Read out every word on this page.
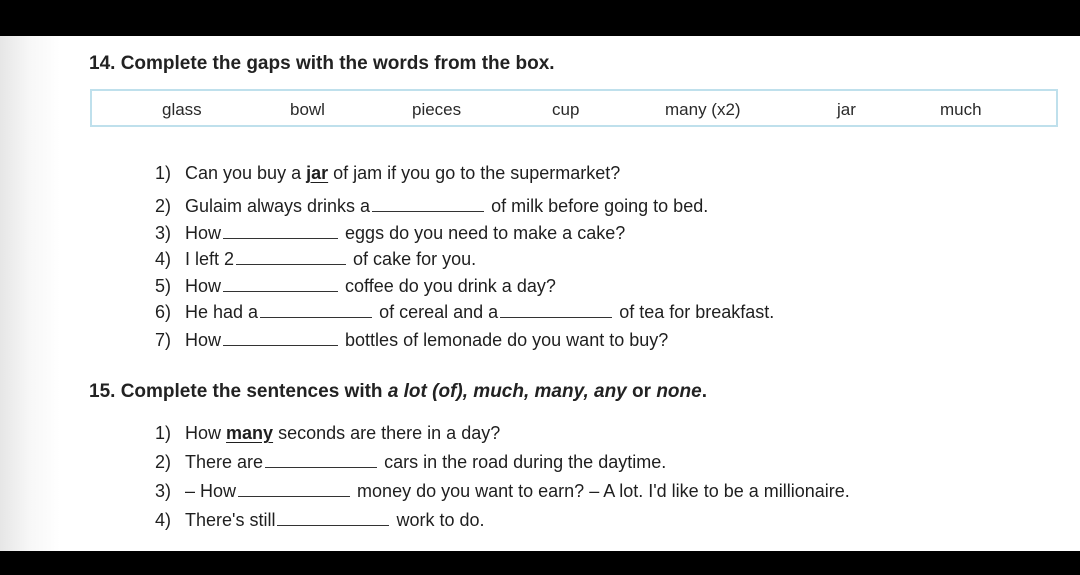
14. Complete the gaps with the words from the box.
glass	bowl	pieces	cup	many (x2)	jar	much
1) Can you buy a jar of jam if you go to the supermarket?
2) Gulaim always drinks a	of milk before going to bed.
3) How	eggs do you need to make a cake?
4) I left 2	of cake for you.
5) How	coffee do you drink a day?
6) He had a	of cereal and a	of tea for breakfast.
7) How	bottles of lemonade do you want to buy?
15. Complete the sentences with a lot (of), much, many, any or none.
1) How many seconds are there in a day?
2) There are	cars in the road during the daytime.
3) – How	money do you want to earn? – A lot. I'd like to be a millionaire.
4) There's still	work to do.
